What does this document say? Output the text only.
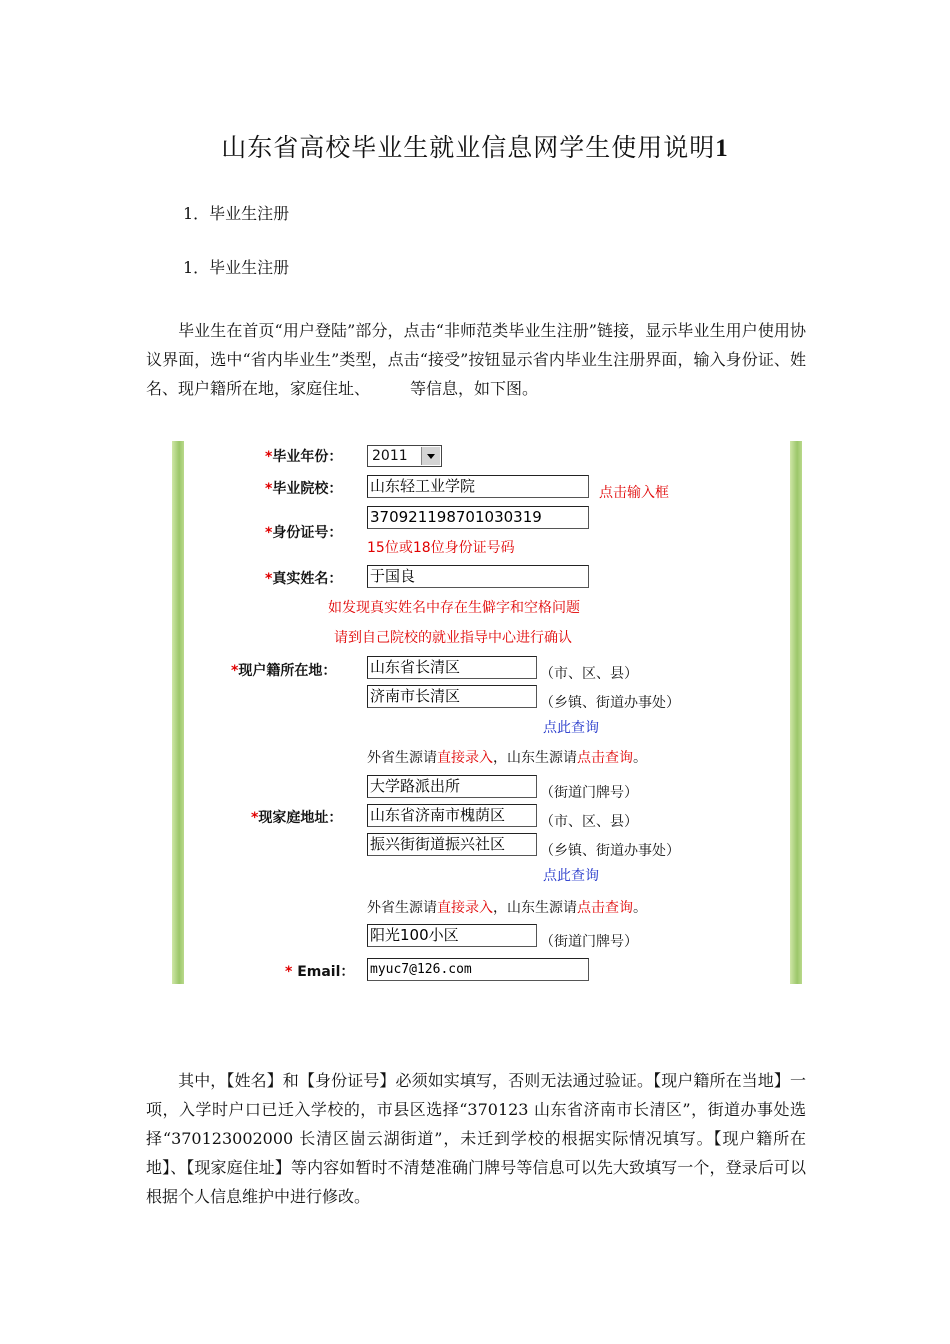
山东省高校毕业生就业信息网学生使用说明1
1．毕业生注册
1．毕业生注册
毕业生在首页“用户登陆”部分，点击“非师范类毕业生注册”链接，显示毕业生用户使用协议界面，选中“省内毕业生”类型，点击“接受”按钮显示省内毕业生注册界面，输入身份证、姓名、现户籍所在地，家庭住址、　　　等信息，如下图。
*毕业年份：	2011
*毕业院校： 山东轻工业学院	点击输入框
*身份证号：
370921198701030319
15位或18位身份证号码
*真实姓名： 于国良
如发现真实姓名中存在生僻字和空格问题
请到自己院校的就业指导中心进行确认
*现户籍所在地： 山东省长清区	（市、区、县）
济南市长清区	（乡镇、街道办事处）
点此查询
外省生源请直接录入，山东生源请点击查询。
大学路派出所	（街道门牌号）
*现家庭地址： 山东省济南市槐荫区	（市、区、县）
振兴街街道振兴社区	（乡镇、街道办事处）
点此查询
外省生源请直接录入，山东生源请点击查询。
阳光100小区	（街道门牌号）
* Email： myuc7@126.com
其中，【姓名】和【身份证号】必须如实填写，否则无法通过验证。【现户籍所在当地】一项，入学时户口已迁入学校的，市县区选择“370123 山东省济南市长清区”，街道办事处选择“370123002000 长清区崮云湖街道”，未迁到学校的根据实际情况填写。【现户籍所在地】、【现家庭住址】等内容如暂时不清楚准确门牌号等信息可以先大致填写一个，登录后可以根据个人信息维护中进行修改。
